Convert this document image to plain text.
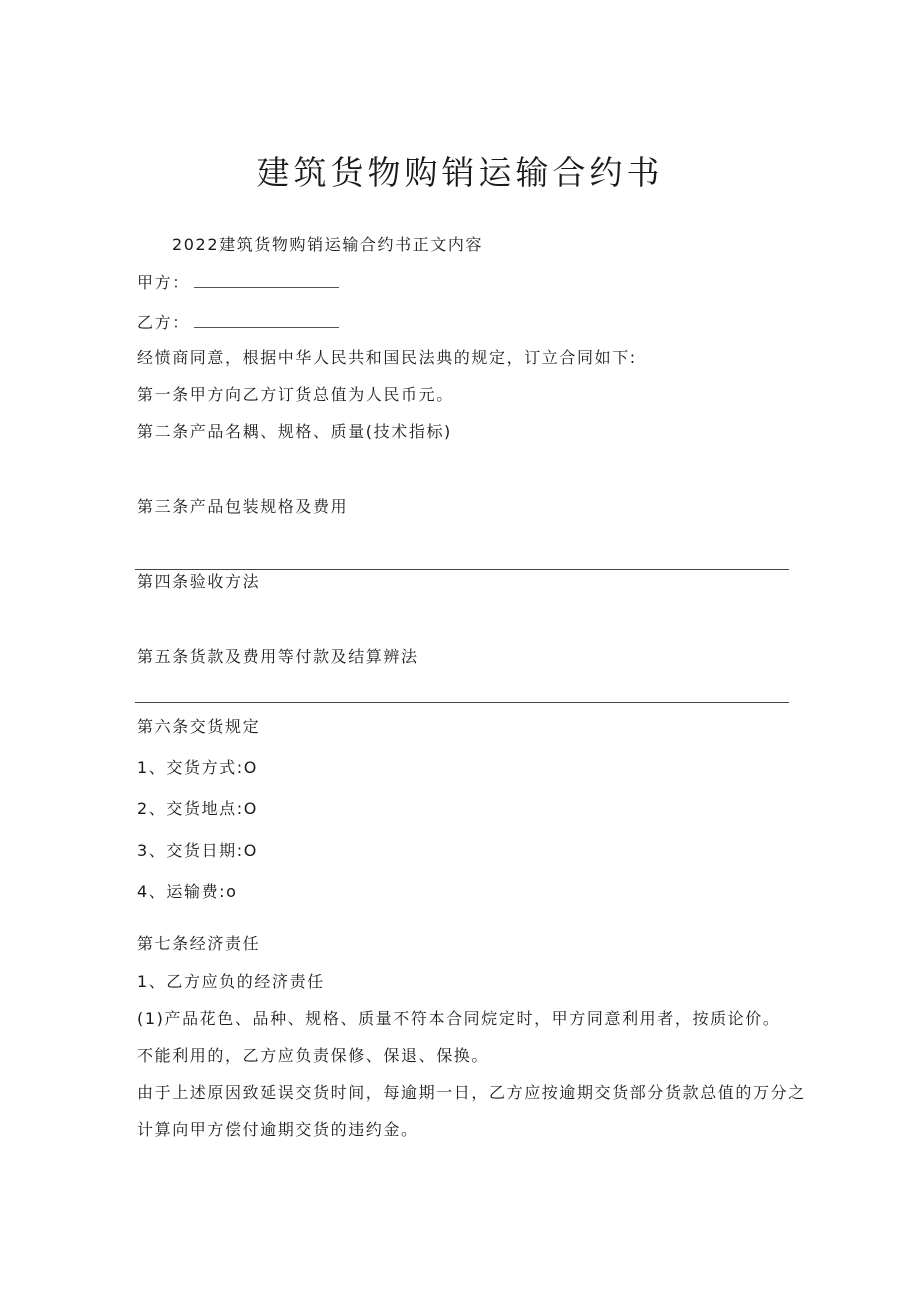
建筑货物购销运输合约书
2022建筑货物购销运输合约书正文内容
甲方：
乙方：
经愤商同意，根据中华人民共和国民法典的规定，订立合同如下:
第一条甲方向乙方订货总值为人民币元。
第二条产品名耦、规格、质量(技术指标)
第三条产品包装规格及费用
第四条验收方法
第五条货款及费用等付款及结算辨法
第六条交货规定
1、交货方式:O
2、交货地点:O
3、交货日期:O
4、运输费:o
第七条经济责任
1、乙方应负的经济责任
(1)产品花色、品种、规格、质量不符本合同烷定时，甲方同意利用者，按质论价。
不能利用的，乙方应负责保修、保退、保换。
由于上述原因致延误交货时间，每逾期一日，乙方应按逾期交货部分货款总值的万分之
计算向甲方偿付逾期交货的违约金。
